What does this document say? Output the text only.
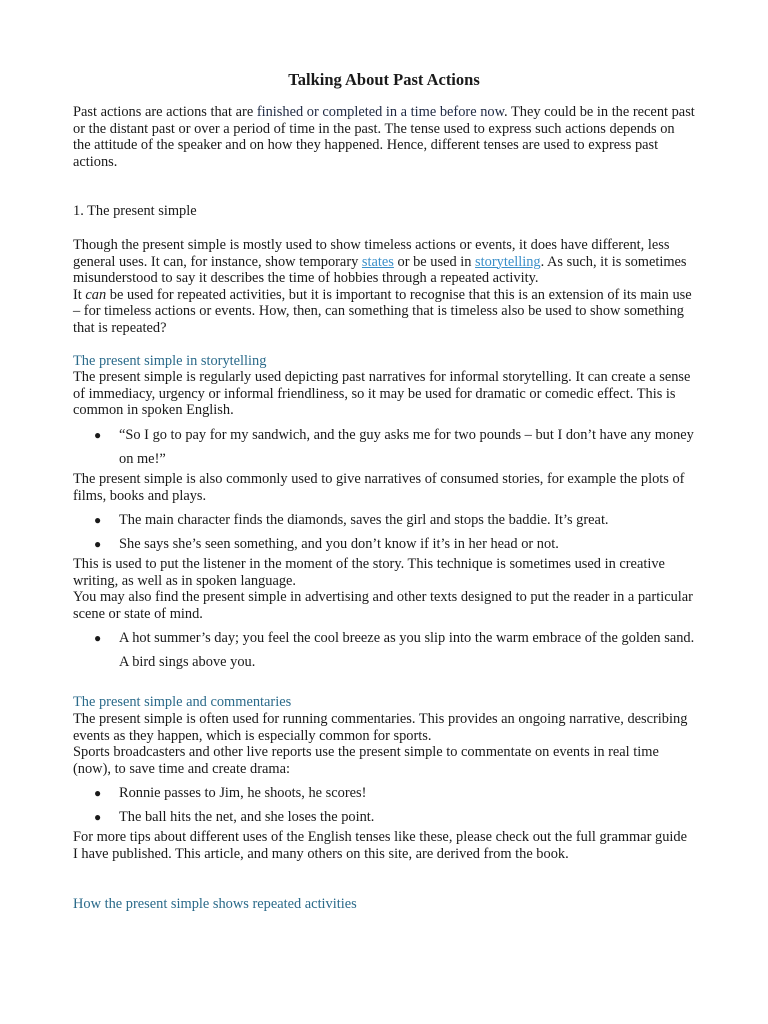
Talking About Past Actions

Past actions are actions that are finished or completed in a time before now. They could be in the recent past or the distant past or over a period of time in the past. The tense used to express such actions depends on the attitude of the speaker and on how they happened. Hence, different tenses are used to express past actions.

1. The present simple

Though the present simple is mostly used to show timeless actions or events, it does have different, less general uses. It can, for instance, show temporary states or be used in storytelling. As such, it is sometimes misunderstood to say it describes the time of hobbies through a repeated activity.

It can be used for repeated activities, but it is important to recognise that this is an extension of its main use – for timeless actions or events. How, then, can something that is timeless also be used to show something that is repeated?

The present simple in storytelling

The present simple is regularly used depicting past narratives for informal storytelling. It can create a sense of immediacy, urgency or informal friendliness, so it may be used for dramatic or comedic effect. This is common in spoken English.

● “So I go to pay for my sandwich, and the guy asks me for two pounds – but I don’t have any money on me!”

The present simple is also commonly used to give narratives of consumed stories, for example the plots of films, books and plays.

● The main character finds the diamonds, saves the girl and stops the baddie. It’s great.
● She says she’s seen something, and you don’t know if it’s in her head or not.

This is used to put the listener in the moment of the story. This technique is sometimes used in creative writing, as well as in spoken language.

You may also find the present simple in advertising and other texts designed to put the reader in a particular scene or state of mind.

● A hot summer’s day; you feel the cool breeze as you slip into the warm embrace of the golden sand. A bird sings above you.

The present simple and commentaries

The present simple is often used for running commentaries. This provides an ongoing narrative, describing events as they happen, which is especially common for sports.

Sports broadcasters and other live reports use the present simple to commentate on events in real time (now), to save time and create drama:

● Ronnie passes to Jim, he shoots, he scores!
● The ball hits the net, and she loses the point.

For more tips about different uses of the English tenses like these, please check out the full grammar guide I have published. This article, and many others on this site, are derived from the book.

How the present simple shows repeated activities
